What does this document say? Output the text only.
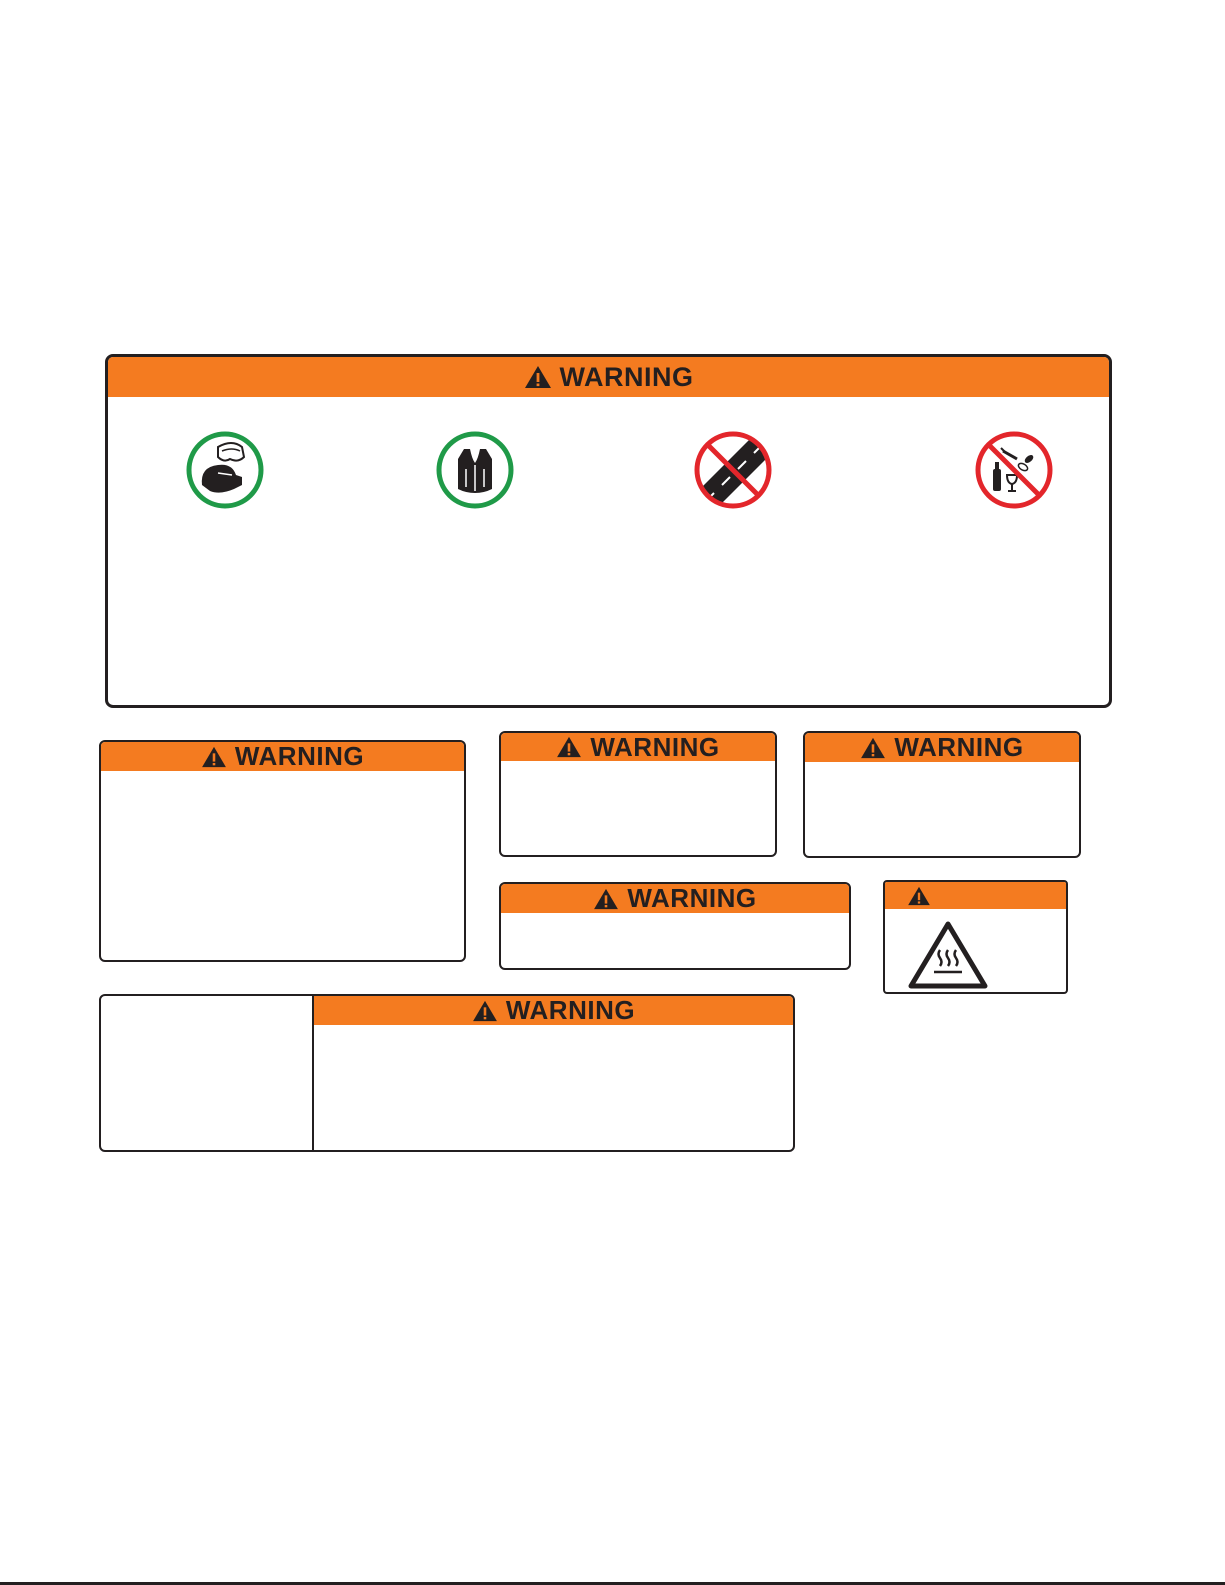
WARNING
WARNING	WARNING	WARNING
WARNING
WARNING
